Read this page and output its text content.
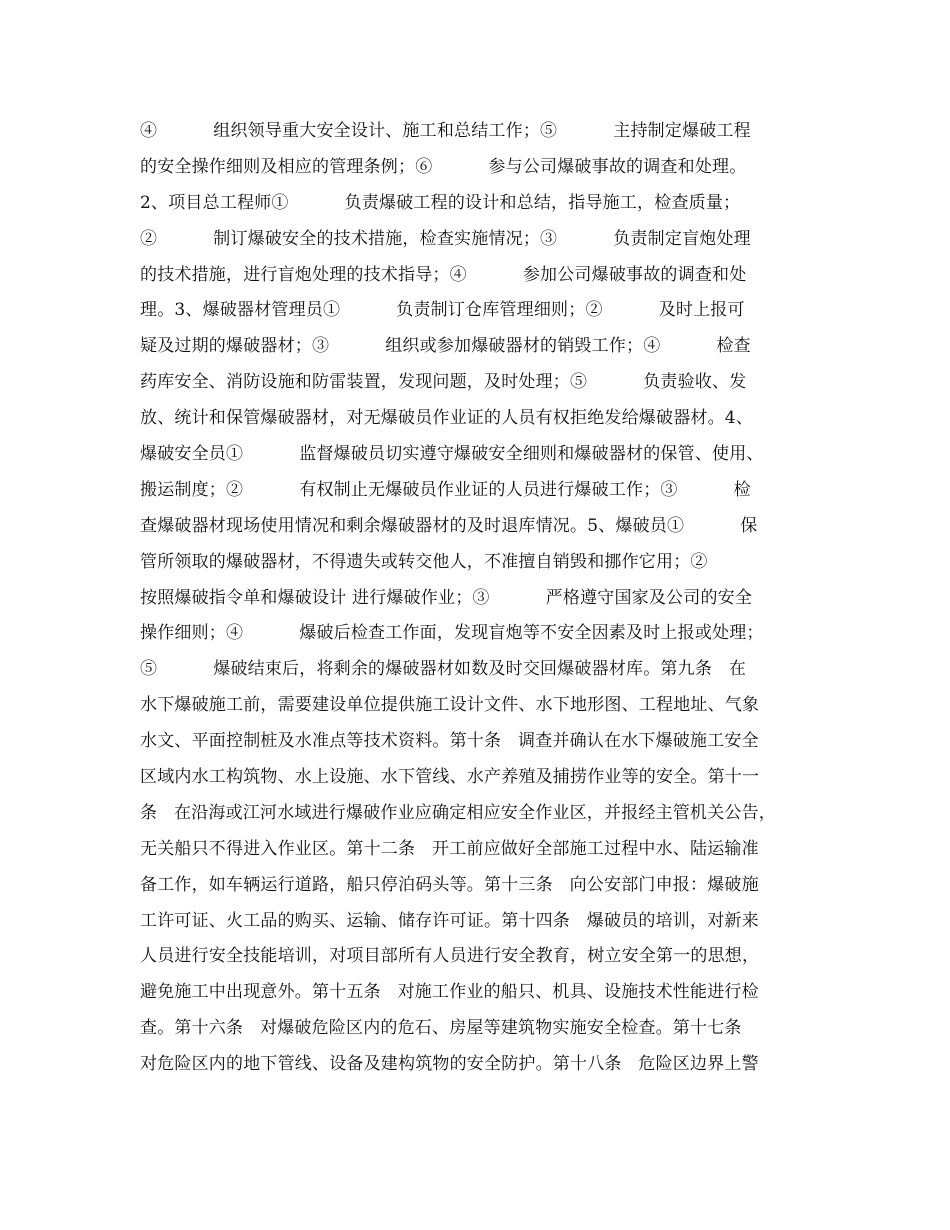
④          组织领导重大安全设计、施工和总结工作；⑤          主持制定爆破工程
的安全操作细则及相应的管理条例；⑥          参与公司爆破事故的调查和处理。
2、项目总工程师①          负责爆破工程的设计和总结，指导施工，检查质量；
②          制订爆破安全的技术措施，检查实施情况；③          负责制定盲炮处理
的技术措施，进行盲炮处理的技术指导；④          参加公司爆破事故的调查和处
理。3、爆破器材管理员①          负责制订仓库管理细则；②          及时上报可
疑及过期的爆破器材；③          组织或参加爆破器材的销毁工作；④          检查
药库安全、消防设施和防雷装置，发现问题，及时处理；⑤          负责验收、发
放、统计和保管爆破器材，对无爆破员作业证的人员有权拒绝发给爆破器材。4、
爆破安全员①          监督爆破员切实遵守爆破安全细则和爆破器材的保管、使用、
搬运制度；②          有权制止无爆破员作业证的人员进行爆破工作；③          检
查爆破器材现场使用情况和剩余爆破器材的及时退库情况。5、爆破员①          保
管所领取的爆破器材，不得遗失或转交他人，不准擅自销毁和挪作它用；②
按照爆破指令单和爆破设计 进行爆破作业；③          严格遵守国家及公司的安全
操作细则；④          爆破后检查工作面，发现盲炮等不安全因素及时上报或处理；
⑤          爆破结束后，将剩余的爆破器材如数及时交回爆破器材库。第九条   在
水下爆破施工前，需要建设单位提供施工设计文件、水下地形图、工程地址、气象
水文、平面控制桩及水准点等技术资料。第十条   调查并确认在水下爆破施工安全
区域内水工构筑物、水上设施、水下管线、水产养殖及捕捞作业等的安全。第十一
条   在沿海或江河水域进行爆破作业应确定相应安全作业区，并报经主管机关公告，
无关船只不得进入作业区。第十二条   开工前应做好全部施工过程中水、陆运输准
备工作，如车辆运行道路，船只停泊码头等。第十三条   向公安部门申报：爆破施
工许可证、火工品的购买、运输、储存许可证。第十四条   爆破员的培训，对新来
人员进行安全技能培训，对项目部所有人员进行安全教育，树立安全第一的思想，
避免施工中出现意外。第十五条   对施工作业的船只、机具、设施技术性能进行检
查。第十六条   对爆破危险区内的危石、房屋等建筑物实施安全检查。第十七条
对危险区内的地下管线、设备及建构筑物的安全防护。第十八条   危险区边界上警
